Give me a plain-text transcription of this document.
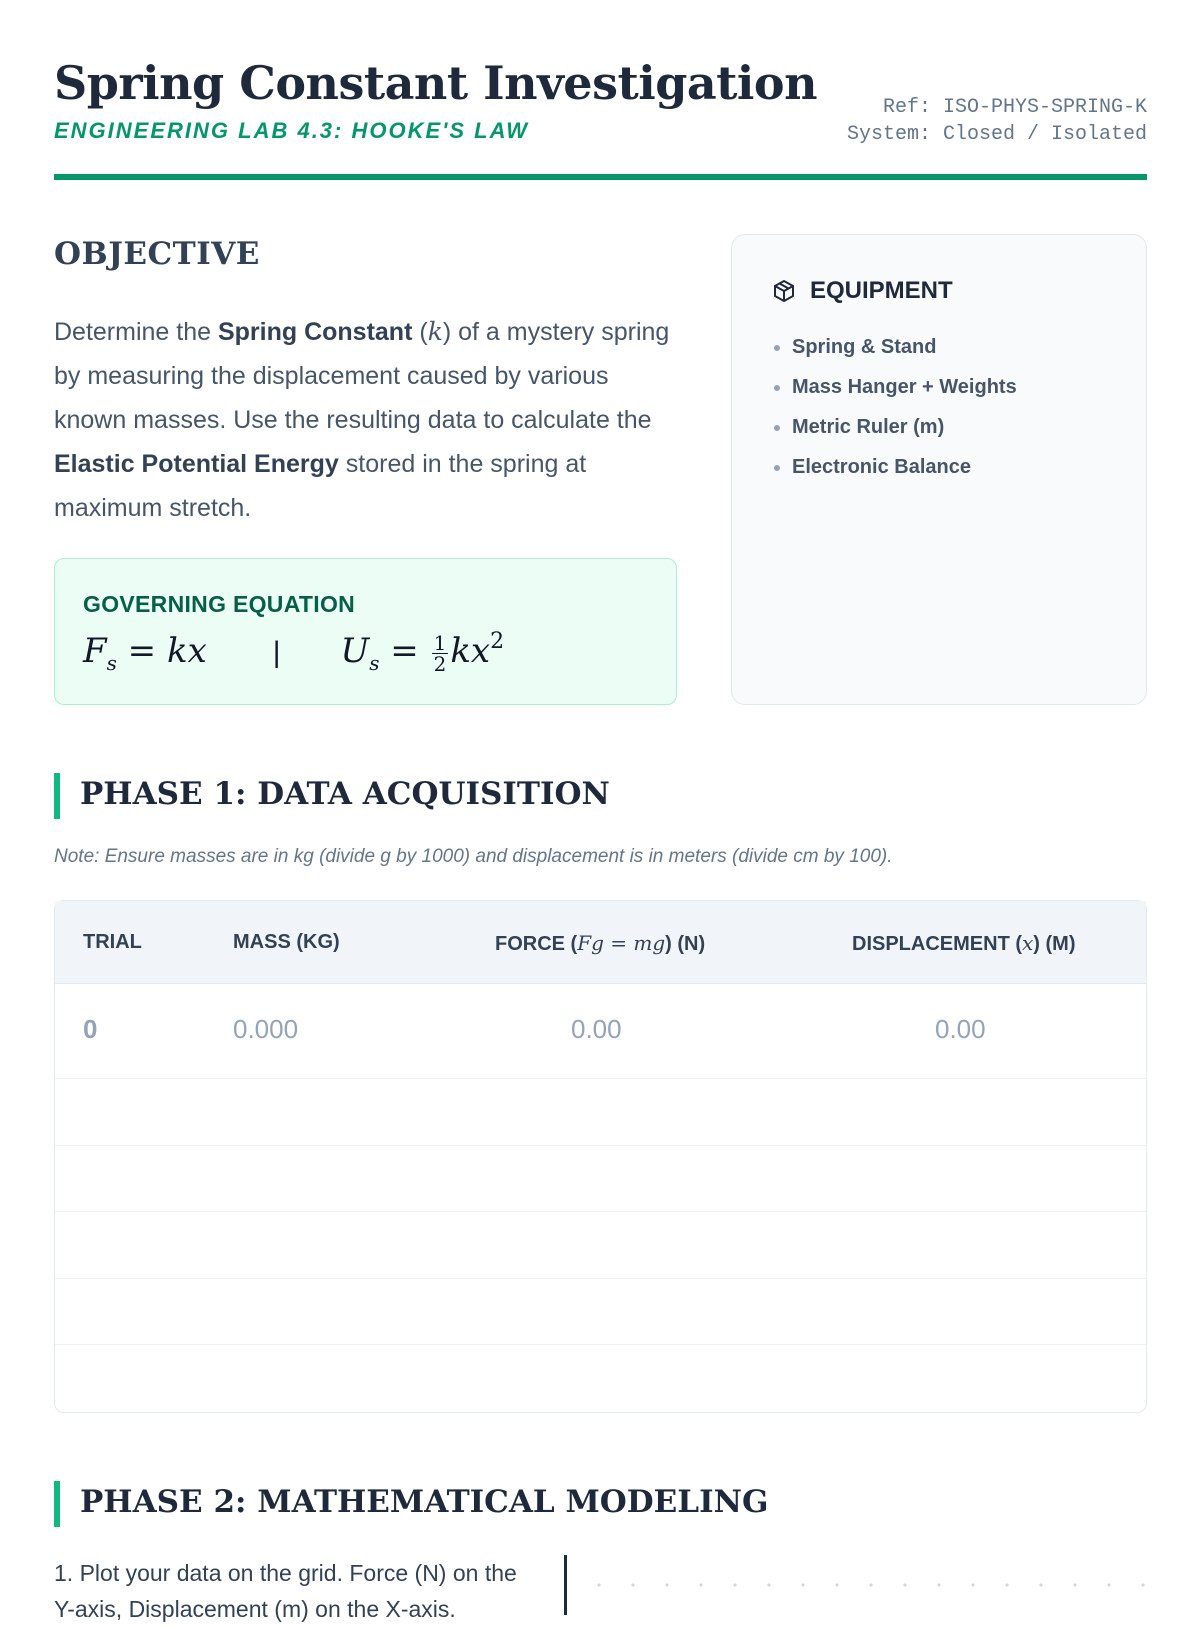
Spring Constant Investigation
ENGINEERING LAB 4.3: HOOKE'S LAW
Ref: ISO-PHYS-SPRING-K
System: Closed / Isolated
OBJECTIVE
Determine the Spring Constant (k) of a mystery spring by measuring the displacement caused by various known masses. Use the resulting data to calculate the Elastic Potential Energy stored in the spring at maximum stretch.
GOVERNING EQUATION
$F_s$ = kx | $U_s = \frac{1}{2} kx^2$
EQUIPMENT
Spring & Stand
Mass Hanger + Weights
Metric Ruler (m)
Electronic Balance
PHASE 1: DATA ACQUISITION
Note: Ensure masses are in kg (divide g by 1000) and displacement is in meters (divide cm by 100).
TRIAL	MASS (KG)	FORCE (Fg = mg) (N)	DISPLACEMENT (x) (M)
0	0.000	0.00	0.00
PHASE 2: MATHEMATICAL MODELING
1. Plot your data on the grid. Force (N) on the Y-axis, Displacement (m) on the X-axis.
